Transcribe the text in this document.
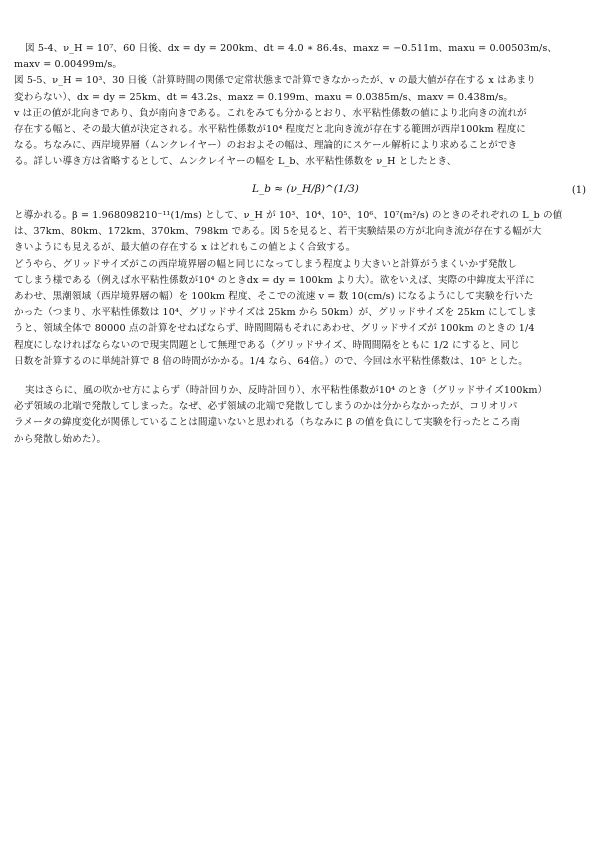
図 5-4、ν_H = 10⁷、60 日後、dx = dy = 200km、dt = 4.0 ∗ 86.4s、maxz = −0.511m、maxu = 0.00503m/s、
maxv = 0.00499m/s。
図 5-5、ν_H = 10³、30 日後（計算時間の関係で定常状態まで計算できなかったが、v の最大値が存在する x はあまり
変わらない）、dx = dy = 25km、dt = 43.2s、maxz = 0.199m、maxu = 0.0385m/s、maxv = 0.438m/s。
v は正の値が北向きであり、負が南向きである。これをみても分かるとおり、水平粘性係数の値により北向きの流れが
存在する幅と、その最大値が決定される。水平粘性係数が10⁴ 程度だと北向き流が存在する範囲が西岸100km 程度に
なる。ちなみに、西岸境界層（ムンクレイヤー）のおおよその幅は、理論的にスケール解析により求めることができ
る。詳しい導き方は省略するとして、ムンクレイヤーの幅を L_b、水平粘性係数を ν_H としたとき、
L_b ≈ (ν_H/β)^(1/3)	(1)
と導かれる。β = 1.968098210⁻¹¹(1/ms) として、ν_H が 10³、10⁴、10⁵、10⁶、10⁷(m²/s) のときのそれぞれの L_b の値
は、37km、80km、172km、370km、798km である。図 5を見ると、若干実験結果の方が北向き流が存在する幅が大
きいようにも見えるが、最大値の存在する x はどれもこの値とよく合致する。
どうやら、グリッドサイズがこの西岸境界層の幅と同じになってしまう程度より大きいと計算がうまくいかず発散し
てしまう様である（例えば水平粘性係数が10⁴ のときdx = dy = 100km より大）。欲をいえば、実際の中緯度太平洋に
あわせ、黒潮領域（西岸境界層の幅）を 100km 程度、そこでの流速 v = 数 10(cm/s) になるようにして実験を行いた
かった（つまり、水平粘性係数は 10⁴、グリッドサイズは 25km から 50km）が、グリッドサイズを 25km にしてしま
うと、領域全体で 80000 点の計算をせねばならず、時間間隔もそれにあわせ、グリッドサイズが 100km のときの 1/4
程度にしなければならないので現実問題として無理である（グリッドサイズ、時間間隔をともに 1/2 にすると、同じ
日数を計算するのに単純計算で 8 倍の時間がかかる。1/4 なら、64倍。）ので、今回は水平粘性係数は、10⁵ とした。
実はさらに、風の吹かせ方によらず（時計回りか、反時計回り）、水平粘性係数が10⁴ のとき（グリッドサイズ100km）
必ず領域の北端で発散してしまった。なぜ、必ず領域の北端で発散してしまうのかは分からなかったが、コリオリパ
ラメータの緯度変化が関係していることは間違いないと思われる（ちなみに β の値を負にして実験を行ったところ南
から発散し始めた）。
